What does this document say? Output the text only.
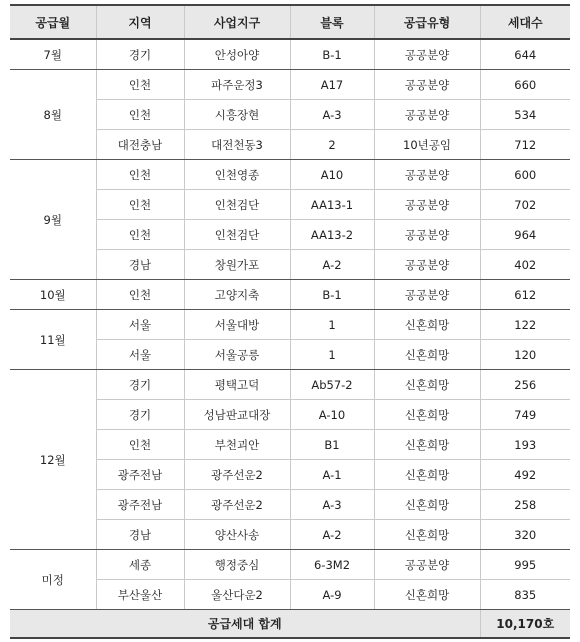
공급월	지역	사업지구	블록	공급유형	세대수
7월	경기	안성아양	B-1	공공분양	644
8월	인천	파주운정3	A17	공공분양	660
	인천	시흥장현	A-3	공공분양	534
	대전충남	대전천동3	2	10년공임	712
9월	인천	인천영종	A10	공공분양	600
	인천	인천검단	AA13-1	공공분양	702
	인천	인천검단	AA13-2	공공분양	964
	경남	창원가포	A-2	공공분양	402
10월	인천	고양지축	B-1	공공분양	612
11월	서울	서울대방	1	신혼희망	122
	서울	서울공릉	1	신혼희망	120
12월	경기	평택고덕	Ab57-2	신혼희망	256
	경기	성남판교대장	A-10	신혼희망	749
	인천	부천괴안	B1	신혼희망	193
	광주전남	광주선운2	A-1	신혼희망	492
	광주전남	광주선운2	A-3	신혼희망	258
	경남	양산사송	A-2	신혼희망	320
미정	세종	행정중심	6-3M2	공공분양	995
	부산울산	울산다운2	A-9	신혼희망	835
공급세대 합계					10,170호
